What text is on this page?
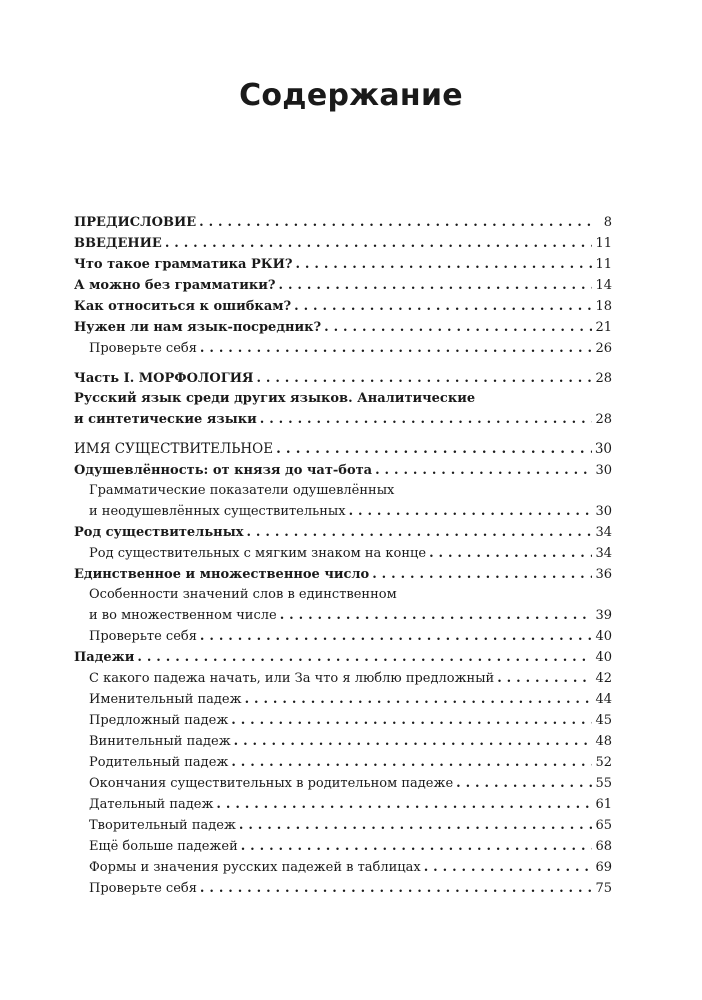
Содержание
ПРЕДИСЛОВИЕ . . .	8
ВВЕДЕНИЕ . . .	11
Что такое грамматика РКИ? . . .	11
А можно без грамматики? . . .	14
Как относиться к ошибкам? . . .	18
Нужен ли нам язык-посредник? . . .	21
Проверьте себя . . .	26
Часть I. МОРФОЛОГИЯ . . .	28
Русский язык среди других языков. Аналитические
и синтетические языки . . .	28
ИМЯ СУЩЕСТВИТЕЛЬНОЕ . . .	30
Одушевлённость: от князя до чат-бота . . .	30
Грамматические показатели одушевлённых
и неодушевлённых существительных . . .	30
Род существительных . . .	34
Род существительных с мягким знаком на конце . . .	34
Единственное и множественное число . . .	36
Особенности значений слов в единственном
и во множественном числе . . .	39
Проверьте себя . . .	40
Падежи . . .	40
С какого падежа начать, или За что я люблю предложный . . .	42
Именительный падеж . . .	44
Предложный падеж . . .	45
Винительный падеж . . .	48
Родительный падеж . . .	52
Окончания существительных в родительном падеже . . .	55
Дательный падеж . . .	61
Творительный падеж . . .	65
Ещё больше падежей . . .	68
Формы и значения русских падежей в таблицах . . .	69
Проверьте себя . . .	75
